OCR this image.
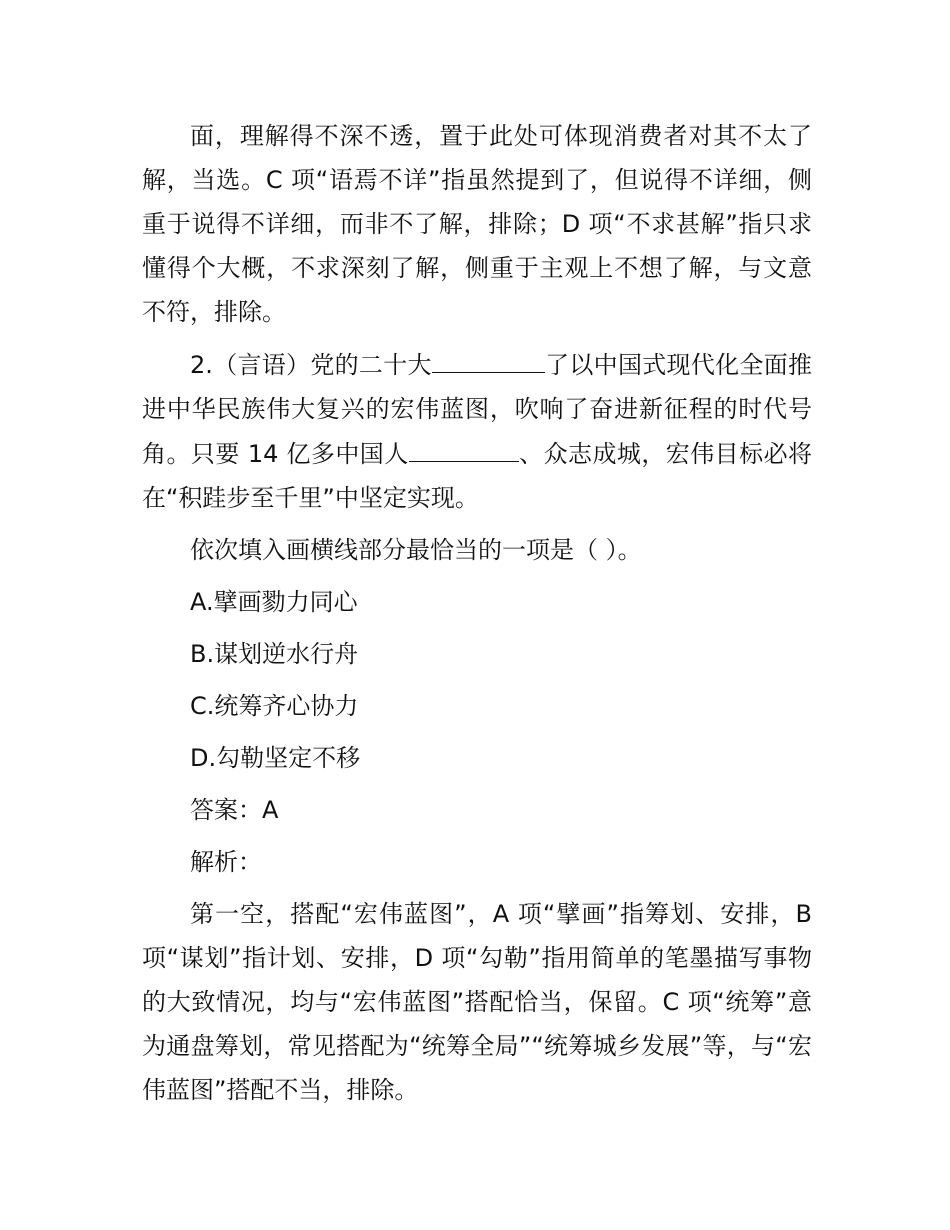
面，理解得不深不透，置于此处可体现消费者对其不太了解，当选。C 项“语焉不详”指虽然提到了，但说得不详细，侧重于说得不详细，而非不了解，排除；D 项“不求甚解”指只求懂得个大概，不求深刻了解，侧重于主观上不想了解，与文意不符，排除。

2.（言语）党的二十大	了以中国式现代化全面推进中华民族伟大复兴的宏伟蓝图，吹响了奋进新征程的时代号角。只要 14 亿多中国人	、众志成城，宏伟目标必将在“积跬步至千里”中坚定实现。

依次填入画横线部分最恰当的一项是（ ）。

A.擘画勠力同心

B.谋划逆水行舟

C.统筹齐心协力

D.勾勒坚定不移

答案：A

解析：

第一空，搭配“宏伟蓝图”，A 项“擘画”指筹划、安排，B 项“谋划”指计划、安排，D 项“勾勒”指用简单的笔墨描写事物的大致情况，均与“宏伟蓝图”搭配恰当，保留。C 项“统筹”意为通盘筹划，常见搭配为“统筹全局”“统筹城乡发展”等，与“宏伟蓝图”搭配不当，排除。
